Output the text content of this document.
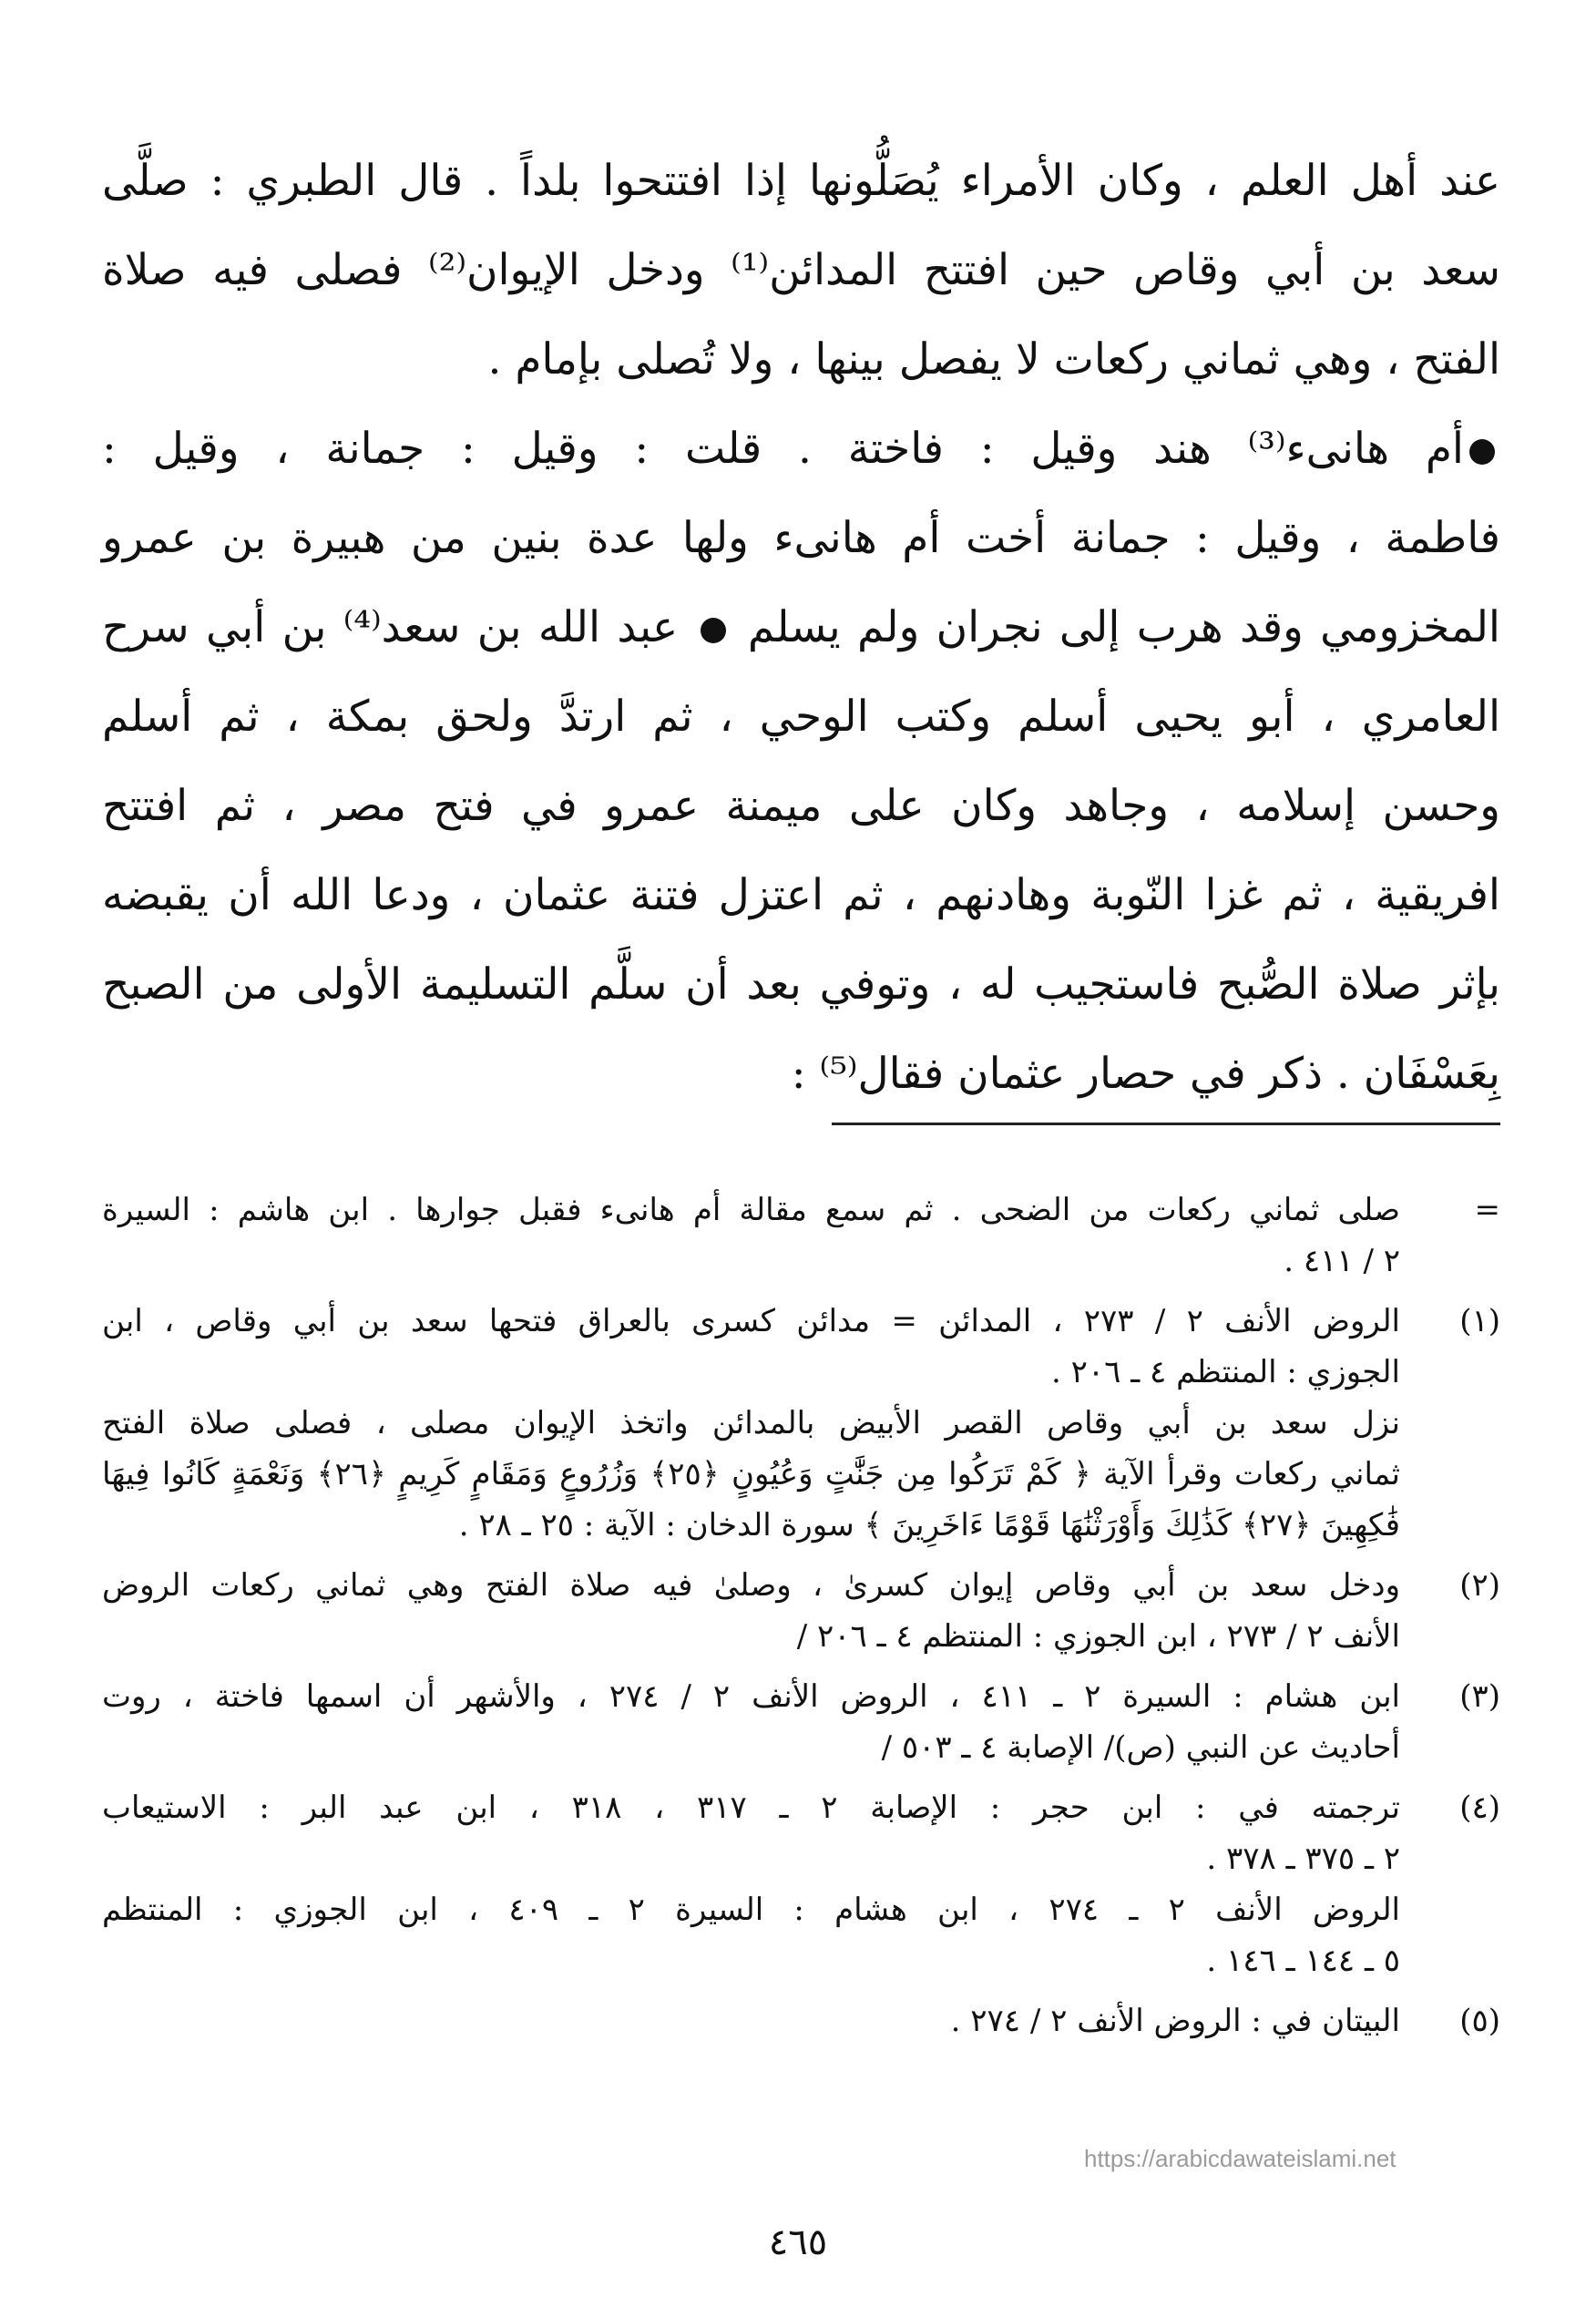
عند أهل العلم ، وكان الأمراء يُصَلُّونها إذا افتتحوا بلداً . قال الطبري : صلَّى
سعد بن أبي وقاص حين افتتح المدائن⁽¹⁾ ودخل الإيوان⁽²⁾ فصلى فيه صلاة
الفتح ، وهي ثماني ركعات لا يفصل بينها ، ولا تُصلى بإمام .
أم هانىء⁽³⁾ هند وقيل : فاختة . قلت : وقيل : جمانة ، وقيل :
فاطمة ، وقيل : جمانة أخت أم هانىء ولها عدة بنين من هبيرة بن عمرو
المخزومي وقد هرب إلى نجران ولم يسلم  عبد الله بن سعد⁽⁴⁾ بن أبي سرح
العامري ، أبو يحيى أسلم وكتب الوحي ، ثم ارتدَّ ولحق بمكة ، ثم أسلم
وحسن إسلامه ، وجاهد وكان على ميمنة عمرو في فتح مصر ، ثم افتتح
افريقية ، ثم غزا النّوبة وهادنهم ، ثم اعتزل فتنة عثمان ، ودعا الله أن يقبضه
بإثر صلاة الصُّبح فاستجيب له ، وتوفي بعد أن سلَّم التسليمة الأولى من الصبح
بِعَسْفَان . ذكر في حصار عثمان فقال⁽⁵⁾ :
=
صلى ثماني ركعات من الضحى . ثم سمع مقالة أم هانىء فقبل جوارها . ابن هاشم : السيرة
٢ / ٤١١ .
(١)
الروض الأنف ٢ / ٢٧٣ ، المدائن = مدائن كسرى بالعراق فتحها سعد بن أبي وقاص ، ابن
الجوزي : المنتظم ٤ ـ ٢٠٦ .
نزل سعد بن أبي وقاص القصر الأبيض بالمدائن واتخذ الإيوان مصلى ، فصلى صلاة الفتح
ثماني ركعات وقرأ الآية ﴿ كَمْ تَرَكُوا مِن جَنَّٰتٍ وَعُيُونٍ ﴿٢٥﴾ وَزُرُوعٍ وَمَقَامٍ كَرِيمٍ ﴿٢٦﴾ وَنَعْمَةٍ كَانُوا فِيهَا
فَٰكِهِينَ ﴿٢٧﴾ كَذَٰلِكَ وَأَوْرَثْنَٰهَا قَوْمًا ءَاخَرِينَ ﴾ سورة الدخان : الآية : ٢٥ ـ ٢٨ .
(٢)
ودخل سعد بن أبي وقاص إيوان كسرىٰ ، وصلىٰ فيه صلاة الفتح وهي ثماني ركعات الروض
الأنف ٢ / ٢٧٣ ، ابن الجوزي : المنتظم ٤ ـ ٢٠٦ /
(٣)
ابن هشام : السيرة ٢ ـ ٤١١ ، الروض الأنف ٢ / ٢٧٤ ، والأشهر أن اسمها فاختة ، روت
أحاديث عن النبي (ص)/ الإصابة ٤ ـ ٥٠٣ /
(٤)
ترجمته في : ابن حجر : الإصابة ٢ ـ ٣١٧ ، ٣١٨ ، ابن عبد البر : الاستيعاب
٢ ـ ٣٧٥ ـ ٣٧٨ .
الروض الأنف ٢ ـ ٢٧٤ ، ابن هشام : السيرة ٢ ـ ٤٠٩ ، ابن الجوزي : المنتظم
٥ ـ ١٤٤ ـ ١٤٦ .
(٥)
البيتان في : الروض الأنف ٢ / ٢٧٤ .
https://arabicdawateislami.net
٤٦٥
